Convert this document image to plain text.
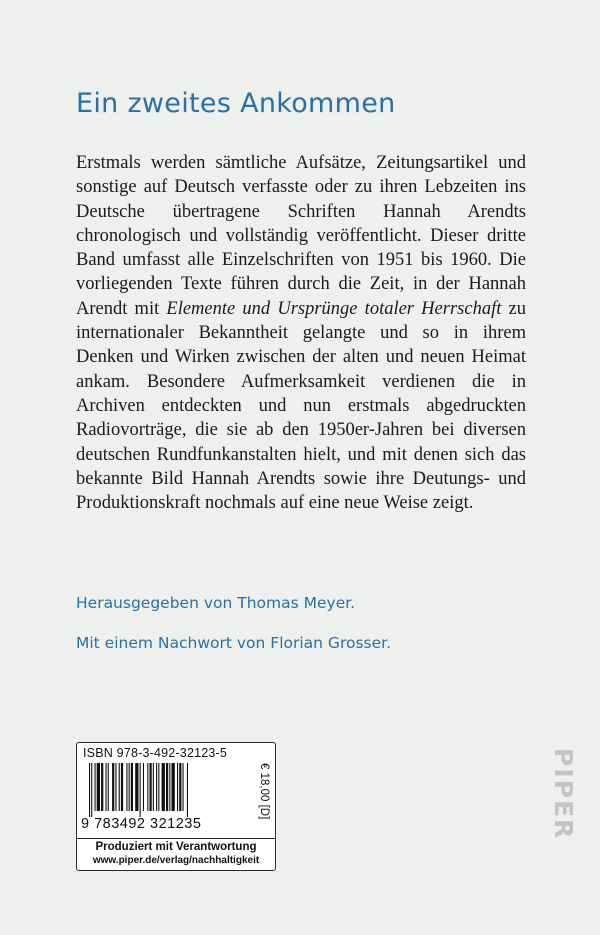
Ein zweites Ankommen

Erstmals werden sämtliche Aufsätze, Zeitungsartikel und sonstige auf Deutsch verfasste oder zu ihren Lebzeiten ins Deutsche übertragene Schriften Hannah Arendts chronologisch und vollständig veröffentlicht. Dieser dritte Band umfasst alle Einzelschriften von 1951 bis 1960. Die vorliegenden Texte führen durch die Zeit, in der Hannah Arendt mit Elemente und Ursprünge totaler Herrschaft zu internationaler Bekanntheit gelangte und so in ihrem Denken und Wirken zwischen der alten und neuen Heimat ankam. Besondere Aufmerksamkeit verdienen die in Archiven entdeckten und nun erstmals abgedruckten Radiovorträge, die sie ab den 1950er-Jahren bei diversen deutschen Rundfunkanstalten hielt, und mit denen sich das bekannte Bild Hannah Arendts sowie ihre Deutungs- und Produktionskraft nochmals auf eine neue Weise zeigt.

Herausgegeben von Thomas Meyer.

Mit einem Nachwort von Florian Grosser.

ISBN 978-3-492-32123-5
9 783492 321235
€ 18,00 [D]
Produziert mit Verantwortung
www.piper.de/verlag/nachhaltigkeit
PIPER
